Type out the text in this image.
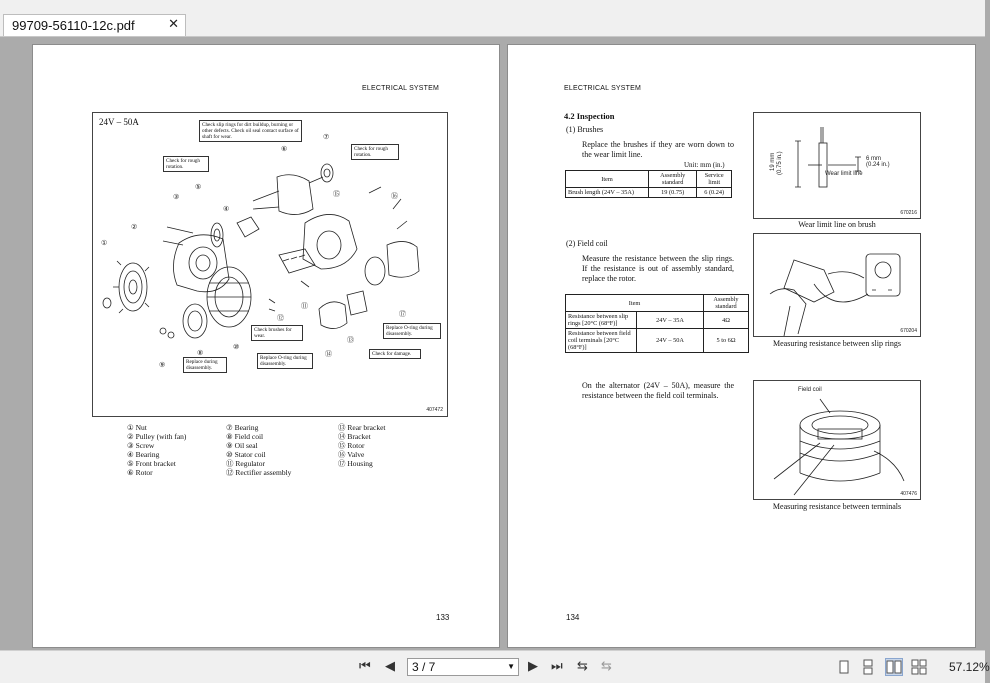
99709-56110-12c.pdf	✕
ELECTRICAL SYSTEM
24V – 50A	Check slip rings for dirt buildup, burning or other defects. Check oil seal contact surface of shaft for wear.
Check for rough rotation.
Check for rough rotation.
Check brushes for wear.
Replace O-ring during disassembly.
Replace O-ring during disassembly.
Check for damage.
Replace during disassembly.
407472
①
②
③
④
⑤
⑥
⑦
⑧
⑨
⑩
⑪
⑫
⑬
⑭
⑮	⑯
⑰
① Nut
② Pulley (with fan)
③ Screw
④ Bearing
⑤ Front bracket
⑥ Rotor
⑦ Bearing
⑧ Field coil
⑨ Oil seal
⑩ Stator coil
⑪ Regulator
⑫ Rectifier assembly
⑬ Rear bracket
⑭ Bracket
⑮ Rotor
⑯ Valve
⑰ Housing
133
ELECTRICAL SYSTEM
4.2 Inspection
(1) Brushes
Replace the brushes if they are worn down to the wear limit line.
Unit: mm (in.)
Item	Assembly standard	Service limit
Brush length (24V – 35A)	19 (0.75)	6 (0.24)
(2) Field coil
Measure the resistance between the slip rings. If the resistance is out of assembly standard, replace the rotor.
Item		Assembly standard
Resistance between slip rings [20°C (68°F)]	24V – 35A	4Ω
Resistance between field coil terminals [20°C (68°F)]	24V – 50A	5 to 6Ω
On the alternator (24V – 50A), measure the resistance between the field coil terminals.
6 mm
(0.24 in.)
19 mm (0.75 in.)	Wear limit line
670216
Wear limit line on brush
670204
Measuring resistance between slip rings
Field coil
407476
Measuring resistance between terminals
134
⏮ ◀ 3 / 7	▼ ▶ ⏭ ⇆ ⇆	57.12%
